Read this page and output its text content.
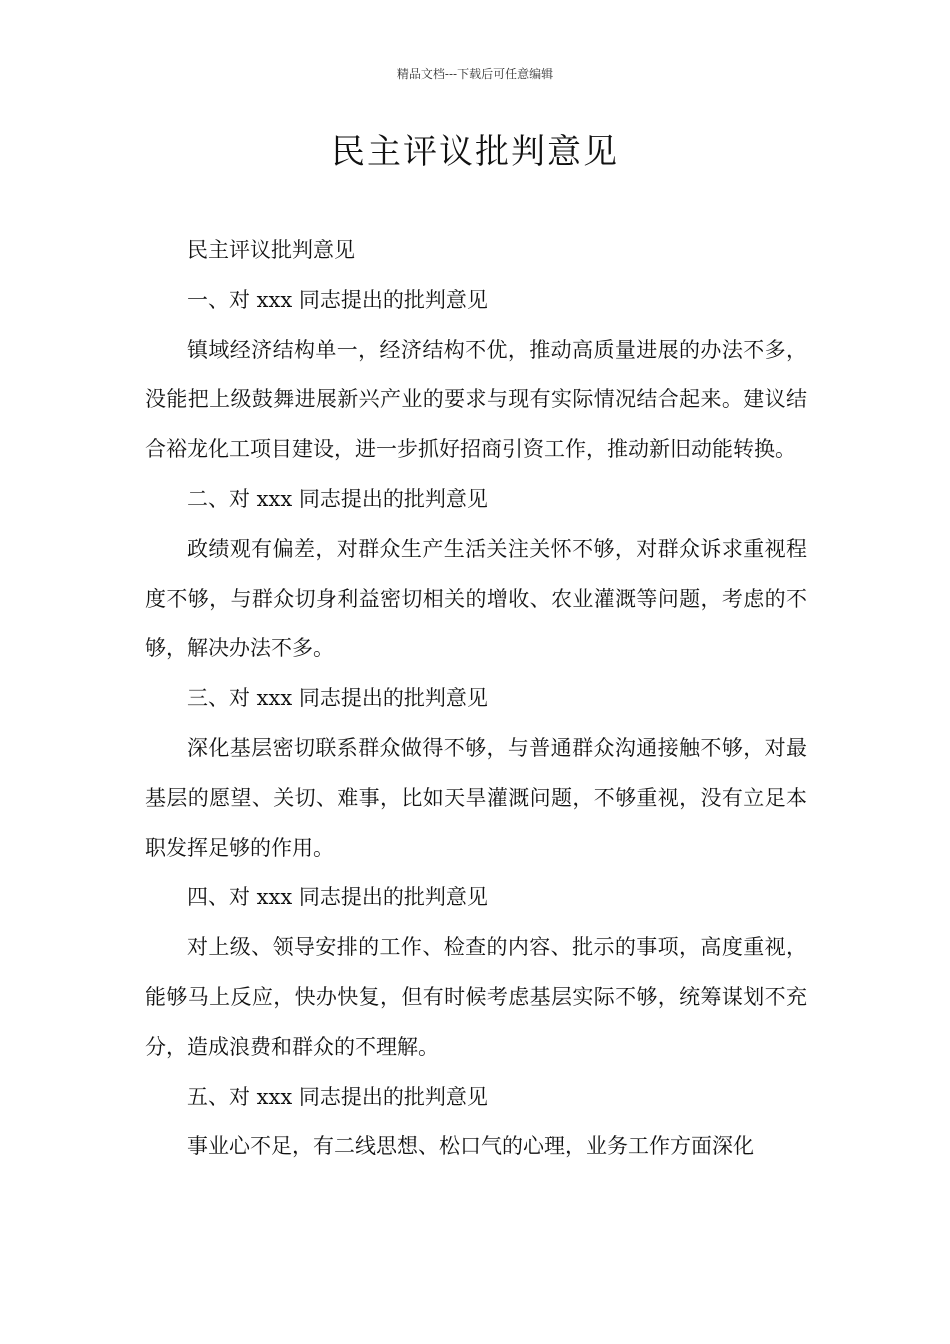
精品文档---下载后可任意编辑
民主评议批判意见

民主评议批判意见

一、对 xxx 同志提出的批判意见

镇域经济结构单一，经济结构不优，推动高质量进展的办法不多，没能把上级鼓舞进展新兴产业的要求与现有实际情况结合起来。建议结合裕龙化工项目建设，进一步抓好招商引资工作，推动新旧动能转换。

二、对 xxx 同志提出的批判意见

政绩观有偏差，对群众生产生活关注关怀不够，对群众诉求重视程度不够，与群众切身利益密切相关的增收、农业灌溉等问题，考虑的不够，解决办法不多。

三、对 xxx 同志提出的批判意见

深化基层密切联系群众做得不够，与普通群众沟通接触不够，对最基层的愿望、关切、难事，比如天旱灌溉问题，不够重视，没有立足本职发挥足够的作用。

四、对 xxx 同志提出的批判意见

对上级、领导安排的工作、检查的内容、批示的事项，高度重视，能够马上反应，快办快复，但有时候考虑基层实际不够，统筹谋划不充分，造成浪费和群众的不理解。

五、对 xxx 同志提出的批判意见

事业心不足，有二线思想、松口气的心理，业务工作方面深化
